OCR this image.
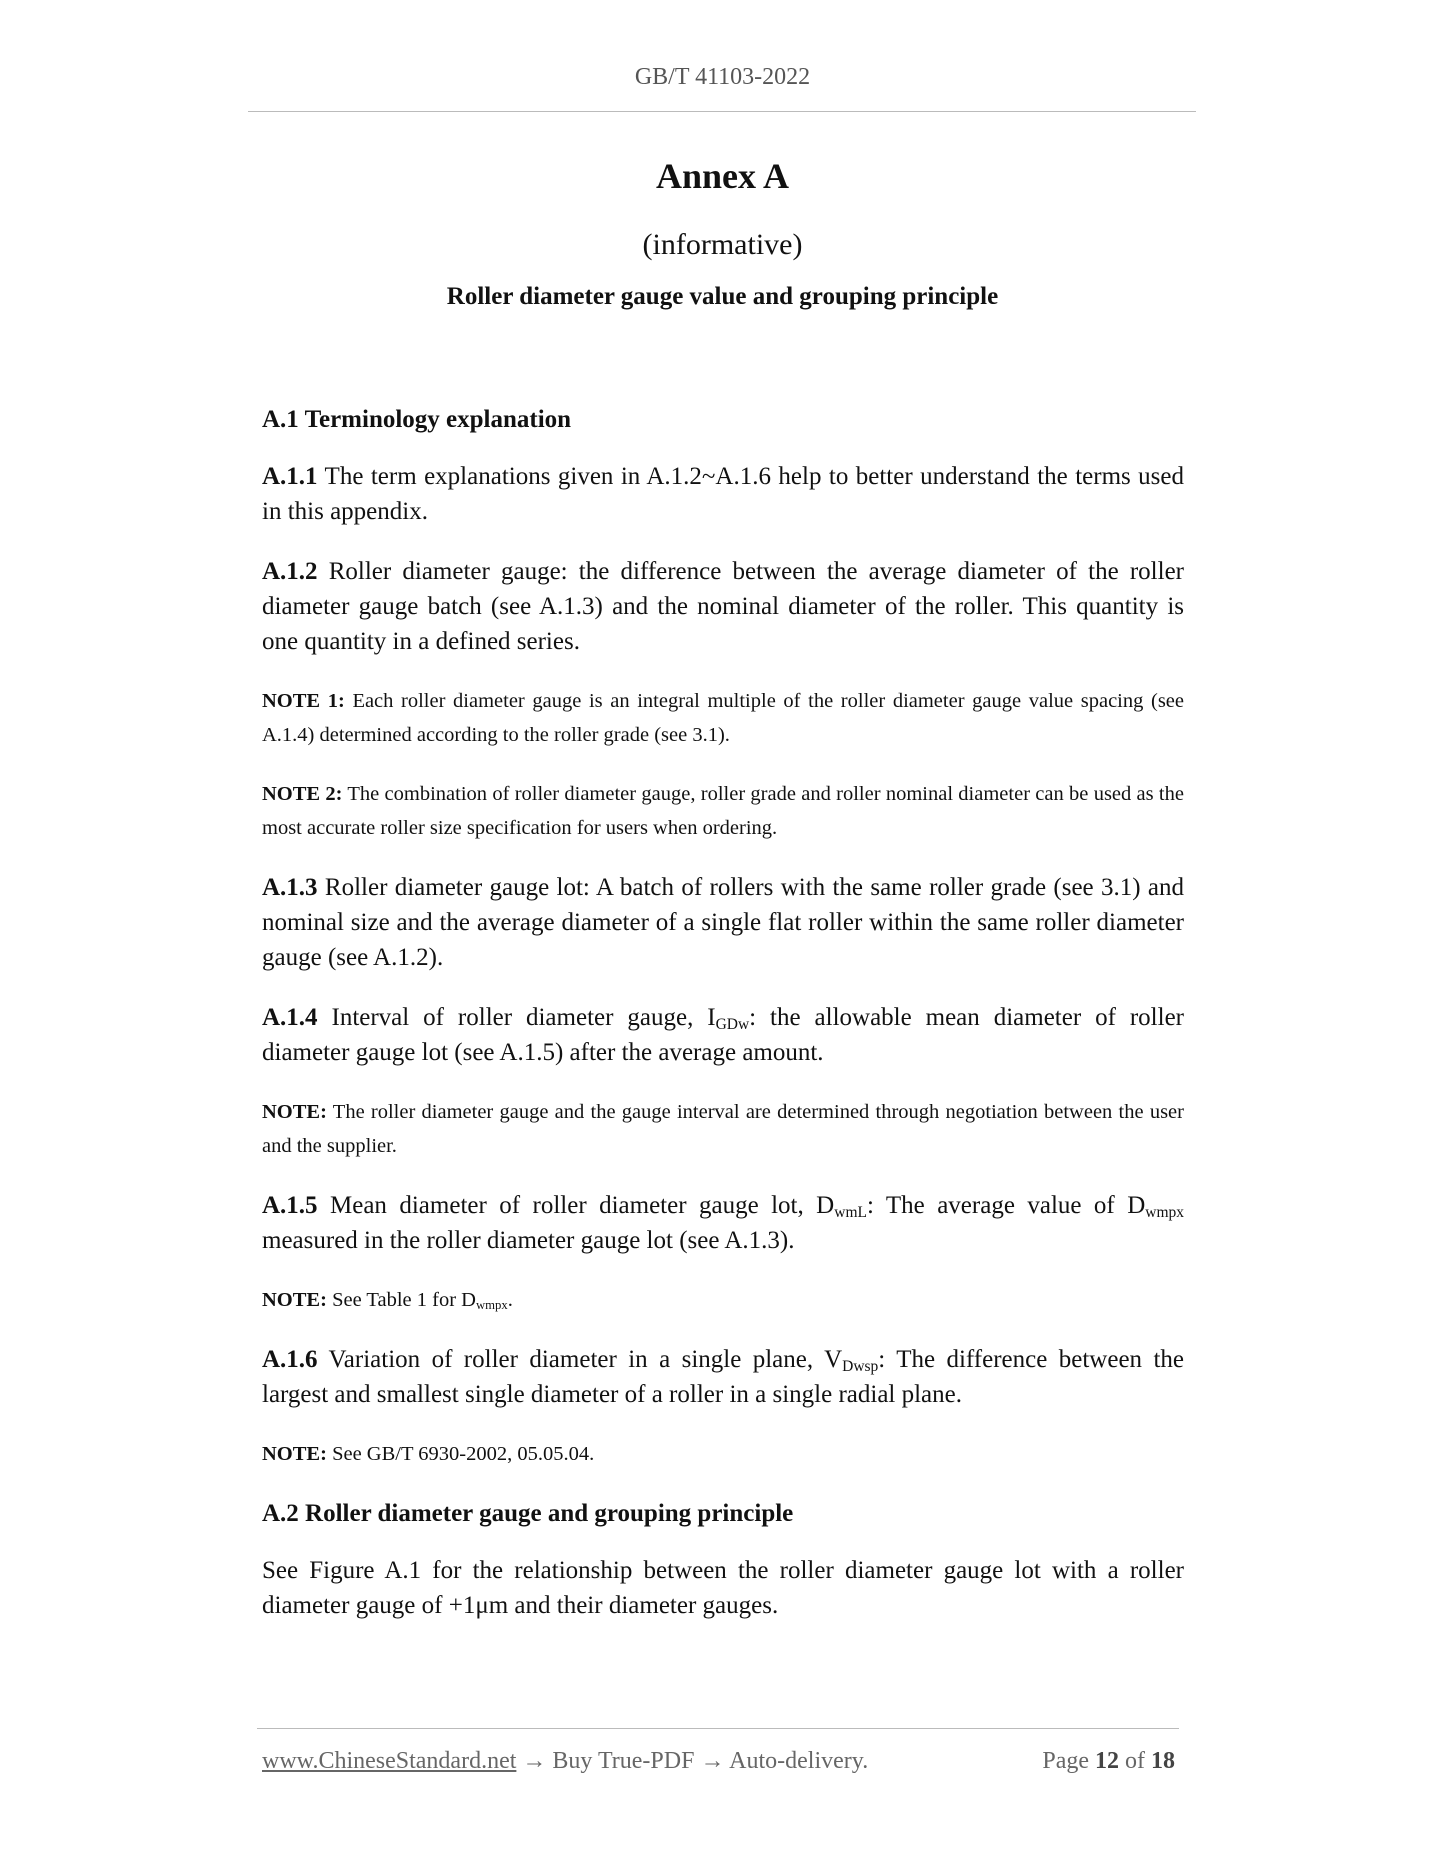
GB/T 41103-2022
Annex A
(informative)
Roller diameter gauge value and grouping principle
A.1 Terminology explanation

A.1.1 The term explanations given in A.1.2~A.1.6 help to better understand the terms used in this appendix.

A.1.2 Roller diameter gauge: the difference between the average diameter of the roller diameter gauge batch (see A.1.3) and the nominal diameter of the roller. This quantity is one quantity in a defined series.

NOTE 1: Each roller diameter gauge is an integral multiple of the roller diameter gauge value spacing (see A.1.4) determined according to the roller grade (see 3.1).

NOTE 2: The combination of roller diameter gauge, roller grade and roller nominal diameter can be used as the most accurate roller size specification for users when ordering.

A.1.3 Roller diameter gauge lot: A batch of rollers with the same roller grade (see 3.1) and nominal size and the average diameter of a single flat roller within the same roller diameter gauge (see A.1.2).

A.1.4 Interval of roller diameter gauge, $I_{GDw}$: the allowable mean diameter of roller diameter gauge lot (see A.1.5) after the average amount.

NOTE: The roller diameter gauge and the gauge interval are determined through negotiation between the user and the supplier.

A.1.5 Mean diameter of roller diameter gauge lot, $D_{wmL}$: The average value of $D_{wmpx}$ measured in the roller diameter gauge lot (see A.1.3).

NOTE: See Table 1 for $D_{wmpx}$.

A.1.6 Variation of roller diameter in a single plane, $V_{Dwsp}$: The difference between the largest and smallest single diameter of a roller in a single radial plane.

NOTE: See GB/T 6930-2002, 05.05.04.

A.2 Roller diameter gauge and grouping principle

See Figure A.1 for the relationship between the roller diameter gauge lot with a roller diameter gauge of +1μm and their diameter gauges.

www.ChineseStandard.net → Buy True-PDF → Auto-delivery.	Page 12 of 18
